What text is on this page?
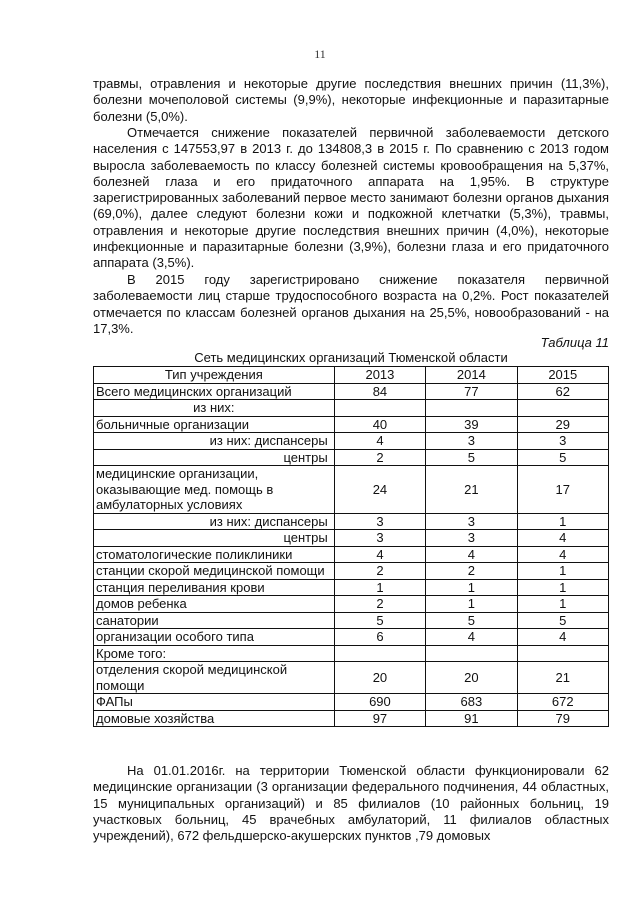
11

травмы, отравления и некоторые другие последствия внешних причин (11,3%), болезни мочеполовой системы (9,9%), некоторые инфекционные и паразитарные болезни (5,0%).

Отмечается снижение показателей первичной заболеваемости детского населения с 147553,97 в 2013 г. до 134808,3 в 2015 г. По сравнению с 2013 годом выросла заболеваемость по классу болезней системы кровообращения на 5,37%, болезней глаза и его придаточного аппарата на 1,95%. В структуре зарегистрированных заболеваний первое место занимают болезни органов дыхания (69,0%), далее следуют болезни кожи и подкожной клетчатки (5,3%), травмы, отравления и некоторые другие последствия внешних причин (4,0%), некоторые инфекционные и паразитарные болезни (3,9%), болезни глаза и его придаточного аппарата (3,5%).

В 2015 году зарегистрировано снижение показателя первичной заболеваемости лиц старше трудоспособного возраста на 0,2%. Рост показателей отмечается по классам болезней органов дыхания на 25,5%, новообразований - на 17,3%.

Таблица 11
Сеть медицинских организаций Тюменской области
Тип учреждения	2013	2014	2015
Всего медицинских организаций	84	77	62
из них:			
больничные организации	40	39	29
из них: диспансеры	4	3	3
центры	2	5	5
медицинские организации, оказывающие мед. помощь в амбулаторных условиях	24	21	17
из них: диспансеры	3	3	1
центры	3	3	4
стоматологические поликлиники	4	4	4
станции скорой медицинской помощи	2	2	1
станция переливания крови	1	1	1
домов ребенка	2	1	1
санатории	5	5	5
организации особого типа	6	4	4
Кроме того:			
отделения скорой медицинской помощи	20	20	21
ФАПы	690	683	672
домовые хозяйства	97	91	79

На 01.01.2016г. на территории Тюменской области функционировали 62 медицинские организации (3 организации федерального подчинения, 44 областных, 15 муниципальных организаций) и 85 филиалов (10 районных больниц, 19 участковых больниц, 45 врачебных амбулаторий, 11 филиалов областных учреждений), 672 фельдшерско-акушерских пунктов ,79 домовых
